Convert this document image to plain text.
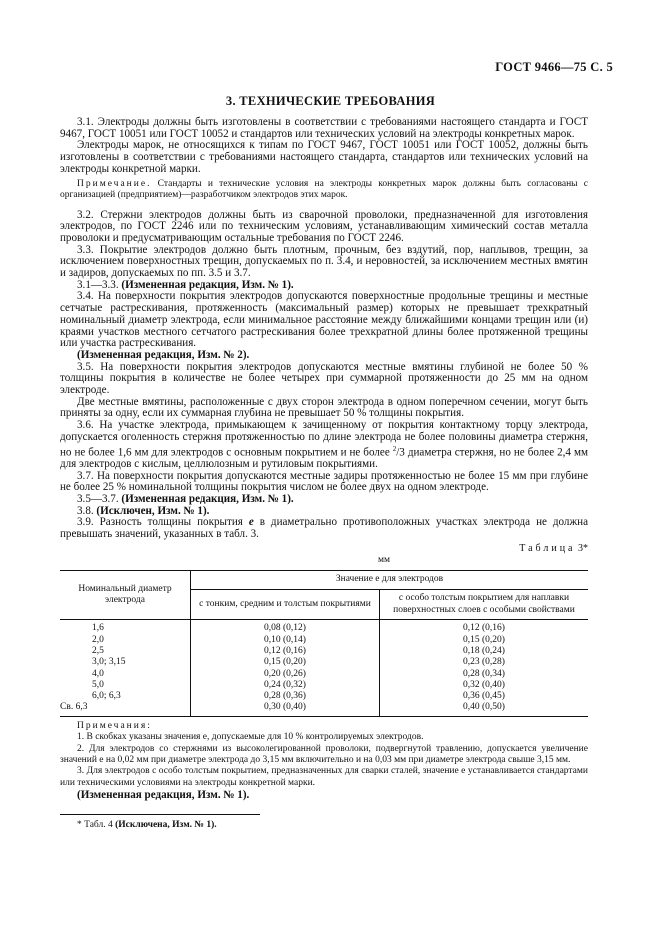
ГОСТ 9466—75 С. 5
3. ТЕХНИЧЕСКИЕ ТРЕБОВАНИЯ

3.1. Электроды должны быть изготовлены в соответствии с требованиями настоящего стандарта и ГОСТ 9467, ГОСТ 10051 или ГОСТ 10052 и стандартов или технических условий на электроды конкретных марок.

Электроды марок, не относящихся к типам по ГОСТ 9467, ГОСТ 10051 или ГОСТ 10052, должны быть изготовлены в соответствии с требованиями настоящего стандарта, стандартов или технических условий на электроды конкретной марки.

Примечание. Стандарты и технические условия на электроды конкретных марок должны быть согласованы с организацией (предприятием)—разработчиком электродов этих марок.

3.2. Стержни электродов должны быть из сварочной проволоки, предназначенной для изготовления электродов, по ГОСТ 2246 или по техническим условиям, устанавливающим химический состав металла проволоки и предусматривающим остальные требования по ГОСТ 2246.

3.3. Покрытие электродов должно быть плотным, прочным, без вздутий, пор, наплывов, трещин, за исключением поверхностных трещин, допускаемых по п. 3.4, и неровностей, за исключением местных вмятин и задиров, допускаемых по пп. 3.5 и 3.7.

3.1—3.3. (Измененная редакция, Изм. № 1).

3.4. На поверхности покрытия электродов допускаются поверхностные продольные трещины и местные сетчатые растрескивания, протяженность (максимальный размер) которых не превышает трехкратный номинальный диаметр электрода, если минимальное расстояние между ближайшими концами трещин или (и) краями участков местного сетчатого растрескивания более трехкратной длины более протяженной трещины или участка растрескивания.

(Измененная редакция, Изм. № 2).

3.5. На поверхности покрытия электродов допускаются местные вмятины глубиной не более 50 % толщины покрытия в количестве не более четырех при суммарной протяженности до 25 мм на одном электроде.

Две местные вмятины, расположенные с двух сторон электрода в одном поперечном сечении, могут быть приняты за одну, если их суммарная глубина не превышает 50 % толщины покрытия.

3.6. На участке электрода, примыкающем к зачищенному от покрытия контактному торцу электрода, допускается оголенность стержня протяженностью по длине электрода не более половины диаметра стержня, но не более 1,6 мм для электродов с основным покрытием и не более $^2$/3 диаметра стержня, но не более 2,4 мм для электродов с кислым, целлюлозным и рутиловым покрытиями.

3.7. На поверхности покрытия допускаются местные задиры протяженностью не более 15 мм при глубине не более 25 % номинальной толщины покрытия числом не более двух на одном электроде.

3.5—3.7. (Измененная редакция, Изм. № 1).

3.8. (Исключен, Изм. № 1).

3.9. Разность толщины покрытия e в диаметрально противоположных участках электрода не должна превышать значений, указанных в табл. 3.

Таблица 3*
мм
Номинальный диаметр электрода	Значение e для электродов	
	с тонким, средним и толстым покрытиями	с особо толстым покрытием для наплавки поверхностных слоев с особыми свойствами
1,6	0,08 (0,12)	0,12 (0,16)
2,0	0,10 (0,14)	0,15 (0,20)
2,5	0,12 (0,16)	0,18 (0,24)
3,0; 3,15	0,15 (0,20)	0,23 (0,28)
4,0	0,20 (0,26)	0,28 (0,34)
5,0	0,24 (0,32)	0,32 (0,40)
6,0; 6,3	0,28 (0,36)	0,36 (0,45)
Св. 6,3	0,30 (0,40)	0,40 (0,50)

Примечания:

1. В скобках указаны значения e, допускаемые для 10 % контролируемых электродов.

2. Для электродов со стержнями из высоколегированной проволоки, подвергнутой травлению, допускается увеличение значений e на 0,02 мм при диаметре электрода до 3,15 мм включительно и на 0,03 мм при диаметре электрода свыше 3,15 мм.

3. Для электродов с особо толстым покрытием, предназначенных для сварки сталей, значение e устанавливается стандартами или техническими условиями на электроды конкретной марки.

(Измененная редакция, Изм. № 1).

* Табл. 4 (Исключена, Изм. № 1).
